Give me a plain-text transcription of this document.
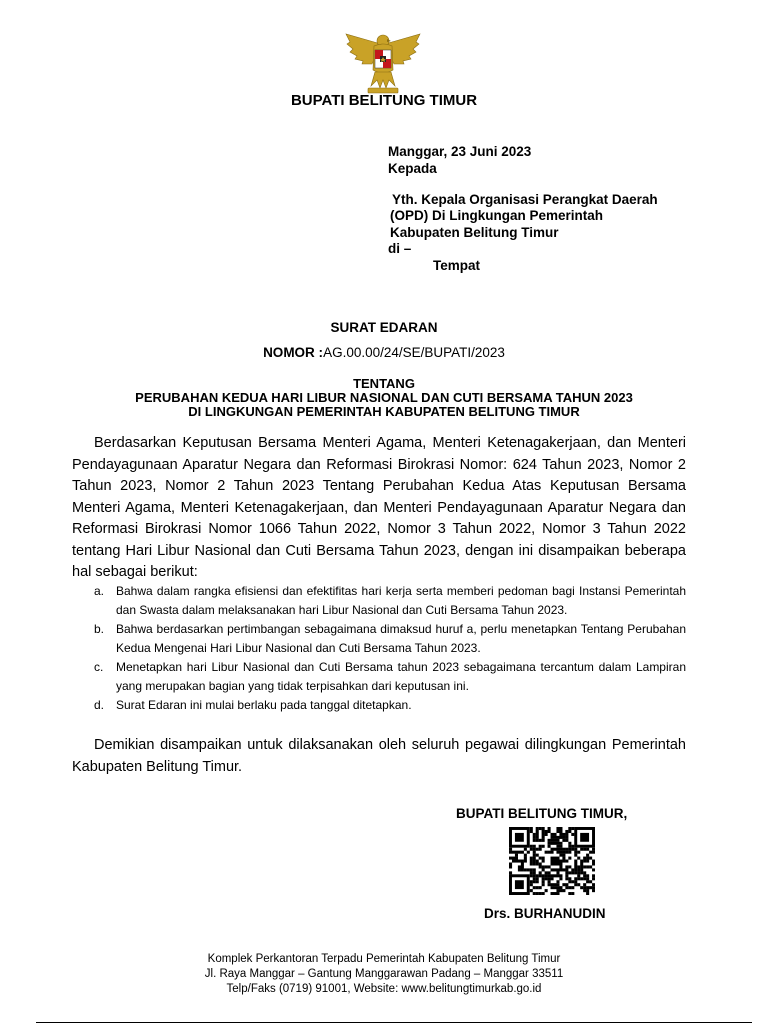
BUPATI BELITUNG TIMUR
Manggar, 23 Juni 2023
Kepada
Yth. Kepala Organisasi Perangkat Daerah
(OPD) Di Lingkungan Pemerintah
Kabupaten Belitung Timur
di –
Tempat
SURAT EDARAN
NOMOR :AG.00.00/24/SE/BUPATI/2023
TENTANG
PERUBAHAN KEDUA HARI LIBUR NASIONAL DAN CUTI BERSAMA TAHUN 2023
DI LINGKUNGAN PEMERINTAH KABUPATEN BELITUNG TIMUR
Berdasarkan Keputusan Bersama Menteri Agama, Menteri Ketenagakerjaan, dan Menteri Pendayagunaan Aparatur Negara dan Reformasi Birokrasi Nomor: 624 Tahun 2023, Nomor 2 Tahun 2023, Nomor 2 Tahun 2023 Tentang Perubahan Kedua Atas Keputusan Bersama Menteri Agama, Menteri Ketenagakerjaan, dan Menteri Pendayagunaan Aparatur Negara dan Reformasi Birokrasi Nomor 1066 Tahun 2022, Nomor 3 Tahun 2022, Nomor 3 Tahun 2022 tentang Hari Libur Nasional dan Cuti Bersama Tahun 2023, dengan ini disampaikan beberapa hal sebagai berikut:
a. Bahwa dalam rangka efisiensi dan efektifitas hari kerja serta memberi pedoman bagi Instansi Pemerintah dan Swasta dalam melaksanakan hari Libur Nasional dan Cuti Bersama Tahun 2023.
b. Bahwa berdasarkan pertimbangan sebagaimana dimaksud huruf a, perlu menetapkan Tentang Perubahan Kedua Mengenai Hari Libur Nasional dan Cuti Bersama Tahun 2023.
c. Menetapkan hari Libur Nasional dan Cuti Bersama tahun 2023 sebagaimana tercantum dalam Lampiran yang merupakan bagian yang tidak terpisahkan dari keputusan ini.
d. Surat Edaran ini mulai berlaku pada tanggal ditetapkan.
Demikian disampaikan untuk dilaksanakan oleh seluruh pegawai dilingkungan Pemerintah Kabupaten Belitung Timur.
BUPATI BELITUNG TIMUR,
Drs. BURHANUDIN
Komplek Perkantoran Terpadu Pemerintah Kabupaten Belitung Timur
Jl. Raya Manggar – Gantung Manggarawan Padang – Manggar 33511
Telp/Faks (0719) 91001, Website: www.belitungtimurkab.go.id
